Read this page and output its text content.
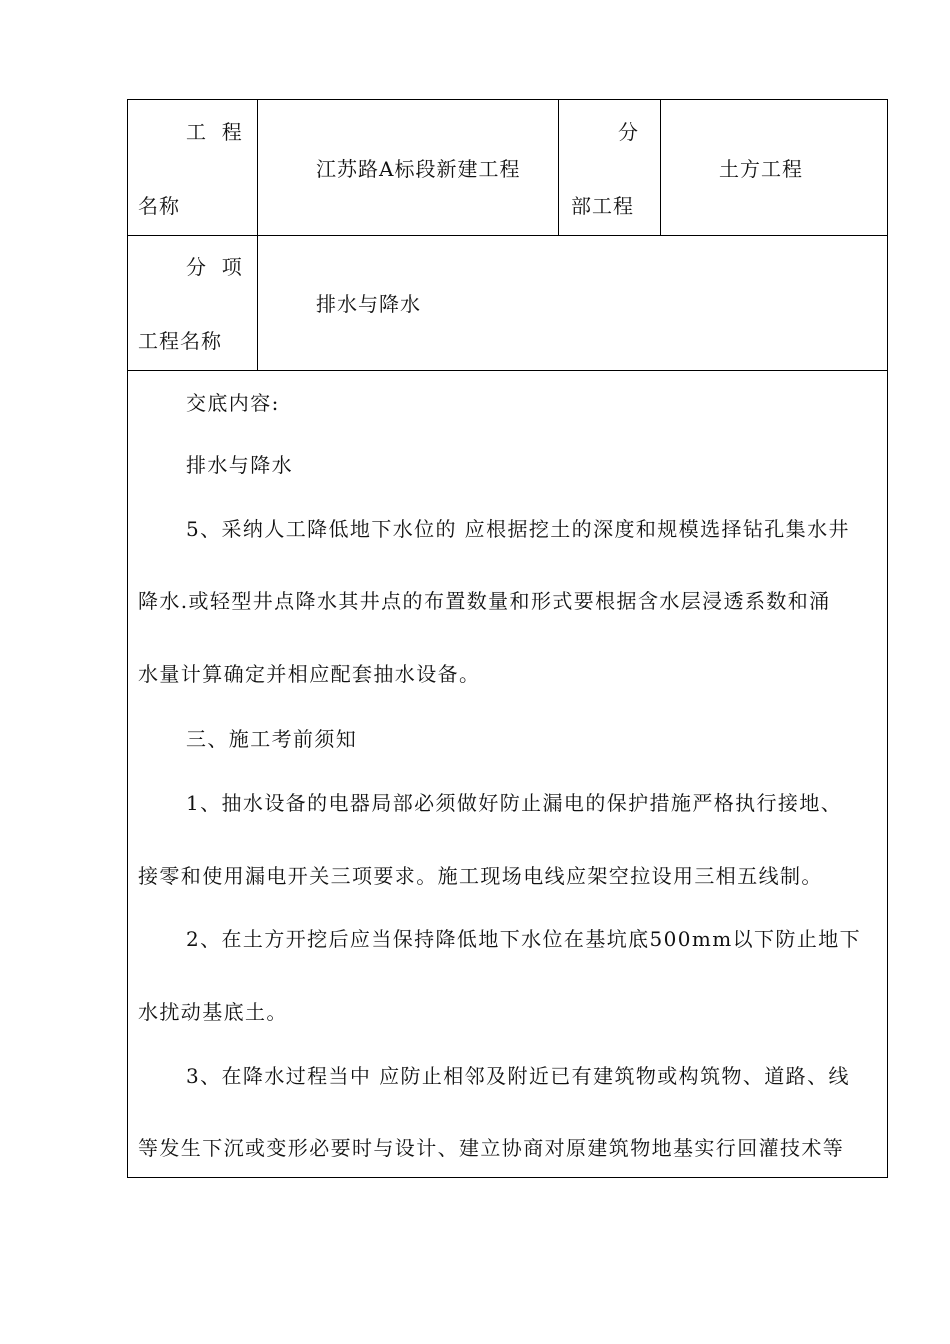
工  程
名称
江苏路A标段新建工程
分
部工程
土方工程
分  项
工程名称
排水与降水
交底内容:
排水与降水
5、采纳人工降低地下水位的 应根据挖土的深度和规模选择钻孔集水井
降水.或轻型井点降水其井点的布置数量和形式要根据含水层浸透系数和涌
水量计算确定并相应配套抽水设备。
三、施工考前须知
1、抽水设备的电器局部必须做好防止漏电的保护措施严格执行接地、
接零和使用漏电开关三项要求。施工现场电线应架空拉设用三相五线制。
2、在土方开挖后应当保持降低地下水位在基坑底500mm以下防止地下
水扰动基底土。
3、在降水过程当中 应防止相邻及附近已有建筑物或构筑物、道路、线
等发生下沉或变形必要时与设计、建立协商对原建筑物地基实行回灌技术等
